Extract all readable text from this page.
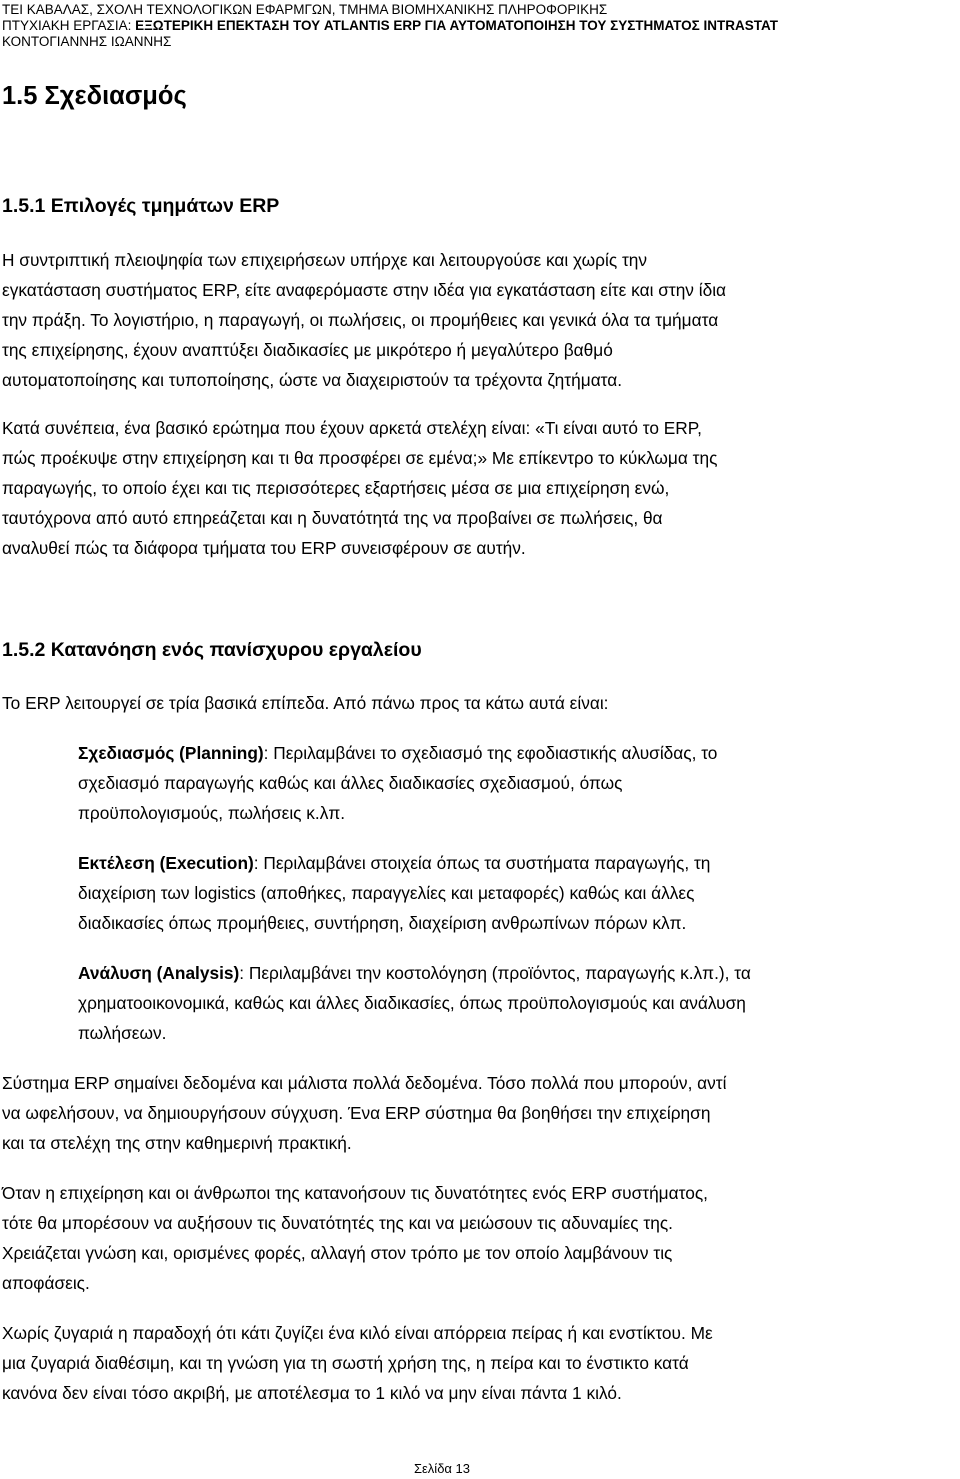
ΤΕΙ ΚΑΒΑΛΑΣ, ΣΧΟΛΗ ΤΕΧΝΟΛΟΓΙΚΩΝ ΕΦΑΡΜΓΩΝ, ΤΜΗΜΑ ΒΙΟΜΗΧΑΝΙΚΗΣ ΠΛΗΡΟΦΟΡΙΚΗΣ
ΠΤΥΧΙΑΚΗ ΕΡΓΑΣΙΑ: ΕΞΩΤΕΡΙΚΗ ΕΠΕΚΤΑΣΗ ΤΟΥ ATLANTIS ERP ΓΙΑ ΑΥΤΟΜΑΤΟΠΟΙΗΣΗ ΤΟΥ ΣΥΣΤΗΜΑΤΟΣ INTRASTAT
ΚΟΝΤΟΓΙΑΝΝΗΣ ΙΩΑΝΝΗΣ
1.5 Σχεδιασμός
1.5.1 Επιλογές τμημάτων ERP

Η συντριπτική πλειοψηφία των επιχειρήσεων υπήρχε και λειτουργούσε και χωρίς την
εγκατάσταση συστήματος ERP, είτε αναφερόμαστε στην ιδέα για εγκατάσταση είτε και στην ίδια
την πράξη. Το λογιστήριο, η παραγωγή, οι πωλήσεις, οι προμήθειες και γενικά όλα τα τμήματα
της επιχείρησης, έχουν αναπτύξει διαδικασίες με μικρότερο ή μεγαλύτερο βαθμό
αυτοματοποίησης και τυποποίησης, ώστε να διαχειριστούν τα τρέχοντα ζητήματα.

Κατά συνέπεια, ένα βασικό ερώτημα που έχουν αρκετά στελέχη είναι: «Τι είναι αυτό το ERP,
πώς προέκυψε στην επιχείρηση και τι θα προσφέρει σε εμένα;» Με επίκεντρο το κύκλωμα της
παραγωγής, το οποίο έχει και τις περισσότερες εξαρτήσεις μέσα σε μια επιχείρηση ενώ,
ταυτόχρονα από αυτό επηρεάζεται και η δυνατότητά της να προβαίνει σε πωλήσεις, θα
αναλυθεί πώς τα διάφορα τμήματα του ERP συνεισφέρουν σε αυτήν.

1.5.2 Κατανόηση ενός πανίσχυρου εργαλείου

Το ERP λειτουργεί σε τρία βασικά επίπεδα. Από πάνω προς τα κάτω αυτά είναι:

Σχεδιασμός (Planning): Περιλαμβάνει το σχεδιασμό της εφοδιαστικής αλυσίδας, το
σχεδιασμό παραγωγής καθώς και άλλες διαδικασίες σχεδιασμού, όπως
προϋπολογισμούς, πωλήσεις κ.λπ.

Εκτέλεση (Execution): Περιλαμβάνει στοιχεία όπως τα συστήματα παραγωγής, τη
διαχείριση των logistics (αποθήκες, παραγγελίες και μεταφορές) καθώς και άλλες
διαδικασίες όπως προμήθειες, συντήρηση, διαχείριση ανθρωπίνων πόρων κλπ.

Ανάλυση (Analysis): Περιλαμβάνει την κοστολόγηση (προϊόντος, παραγωγής κ.λπ.), τα
χρηματοοικονομικά, καθώς και άλλες διαδικασίες, όπως προϋπολογισμούς και ανάλυση
πωλήσεων.

Σύστημα ERP σημαίνει δεδομένα και μάλιστα πολλά δεδομένα. Τόσο πολλά που μπορούν, αντί
να ωφελήσουν, να δημιουργήσουν σύγχυση. Ένα ERP σύστημα θα βοηθήσει την επιχείρηση
και τα στελέχη της στην καθημερινή πρακτική.

Όταν η επιχείρηση και οι άνθρωποι της κατανοήσουν τις δυνατότητες ενός ERP συστήματος,
τότε θα μπορέσουν να αυξήσουν τις δυνατότητές της και να μειώσουν τις αδυναμίες της.
Χρειάζεται γνώση και, ορισμένες φορές, αλλαγή στον τρόπο με τον οποίο λαμβάνουν τις
αποφάσεις.

Χωρίς ζυγαριά η παραδοχή ότι κάτι ζυγίζει ένα κιλό είναι απόρρεια πείρας ή και ενστίκτου. Με
μια ζυγαριά διαθέσιμη, και τη γνώση για τη σωστή χρήση της, η πείρα και το ένστικτο κατά
κανόνα δεν είναι τόσο ακριβή, με αποτέλεσμα το 1 κιλό να μην είναι πάντα 1 κιλό.

Σελίδα 13
